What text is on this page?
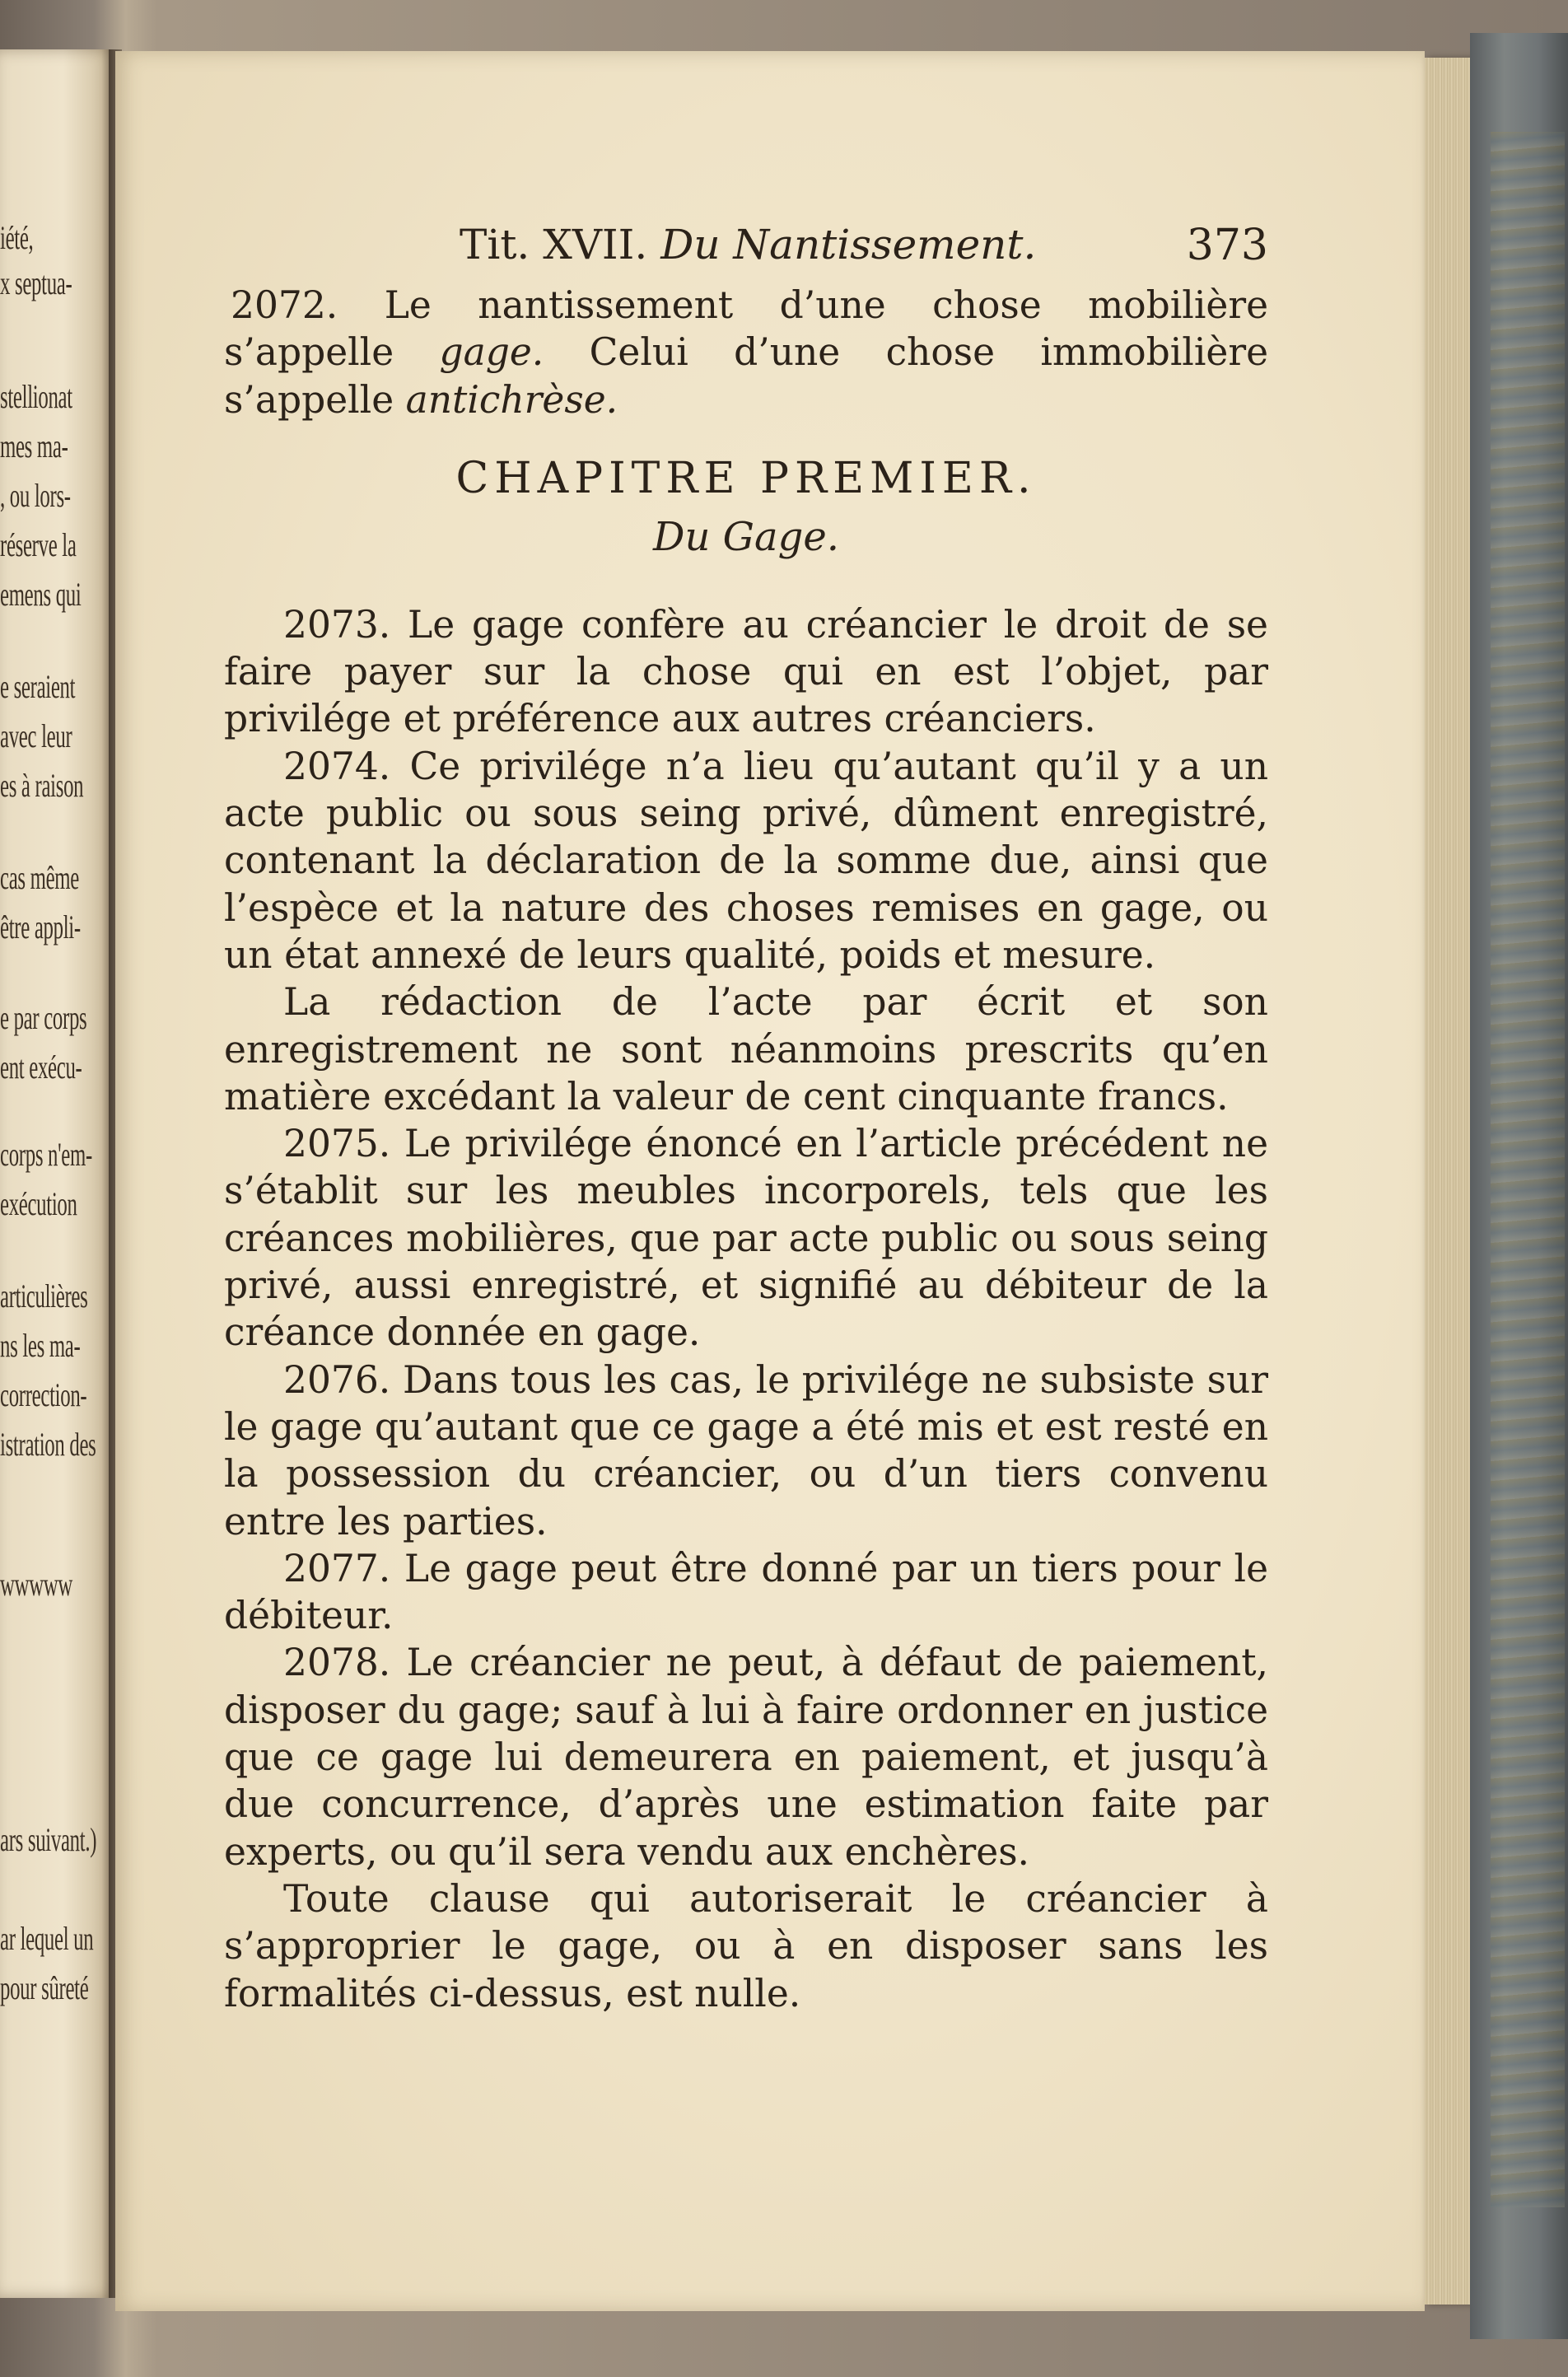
iété,
x septua-
stellionat
mes ma-
, ou lors-
réserve la
emens qui
e seraient
avec leur
es à raison
cas même
être appli-
e par corps
ent exécu-
corps n'em-
exécution
articulières
ns les ma-
correction-
istration des
wwwww
ars suivant.)
ar lequel un
pour sûreté
Tit. XVII. Du Nantissement.	373

2072. Le nantissement d’une chose mobilière s’appelle gage. Celui d’une chose immobilière s’appelle antichrèse.

CHAPITRE PREMIER.
Du Gage.

2073. Le gage confère au créancier le droit de se faire payer sur la chose qui en est l’objet, par privilége et préférence aux autres créanciers.

2074. Ce privilége n’a lieu qu’autant qu’il y a un acte public ou sous seing privé, dûment enregistré, contenant la déclaration de la somme due, ainsi que l’espèce et la nature des choses remises en gage, ou un état annexé de leurs qualité, poids et mesure.

La rédaction de l’acte par écrit et son enregistrement ne sont néanmoins prescrits qu’en matière excédant la valeur de cent cinquante francs.

2075. Le privilége énoncé en l’article précédent ne s’établit sur les meubles incorporels, tels que les créances mobilières, que par acte public ou sous seing privé, aussi enregistré, et signifié au débiteur de la créance donnée en gage.

2076. Dans tous les cas, le privilége ne subsiste sur le gage qu’autant que ce gage a été mis et est resté en la possession du créancier, ou d’un tiers convenu entre les parties.

2077. Le gage peut être donné par un tiers pour le débiteur.

2078. Le créancier ne peut, à défaut de paiement, disposer du gage; sauf à lui à faire ordonner en justice que ce gage lui demeurera en paiement, et jusqu’à due concurrence, d’après une estimation faite par experts, ou qu’il sera vendu aux enchères.

Toute clause qui autoriserait le créancier à s’approprier le gage, ou à en disposer sans les formalités ci-dessus, est nulle.
